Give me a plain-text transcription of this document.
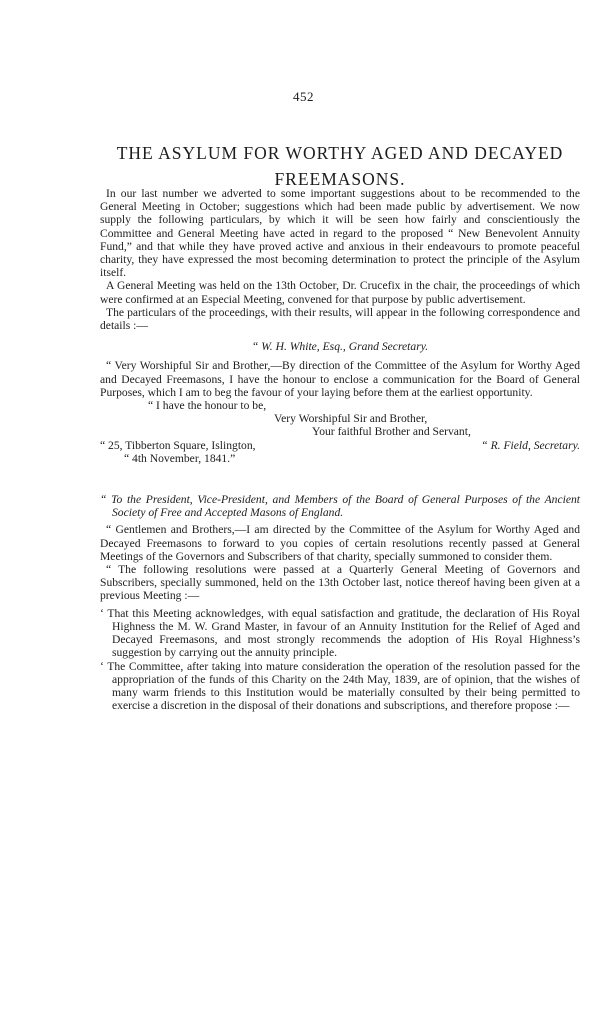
452
THE ASYLUM FOR WORTHY AGED AND DECAYED
FREEMASONS.

In our last number we adverted to some important suggestions about to be recommended to the General Meeting in October; suggestions which had been made public by advertisement. We now supply the following particulars, by which it will be seen how fairly and conscientiously the Committee and General Meeting have acted in regard to the proposed “ New Benevolent Annuity Fund,” and that while they have proved active and anxious in their endeavours to promote peaceful charity, they have expressed the most becoming determination to protect the principle of the Asylum itself.

A General Meeting was held on the 13th October, Dr. Crucefix in the chair, the proceedings of which were confirmed at an Especial Meeting, convened for that purpose by public advertisement.

The particulars of the proceedings, with their results, will appear in the following correspondence and details :—

“ W. H. White, Esq., Grand Secretary.

“ Very Worshipful Sir and Brother,—By direction of the Committee of the Asylum for Worthy Aged and Decayed Freemasons, I have the honour to enclose a communication for the Board of General Purposes, which I am to beg the favour of your laying before them at the earliest opportunity.

“ I have the honour to be,

Very Worshipful Sir and Brother,

Your faithful Brother and Servant,

“ 25, Tibberton Square, Islington,	“ R. Field, Secretary.

“ 4th November, 1841.”

“ To the President, Vice-President, and Members of the Board of General Purposes of the Ancient Society of Free and Accepted Masons of England.

“ Gentlemen and Brothers,—I am directed by the Committee of the Asylum for Worthy Aged and Decayed Freemasons to forward to you copies of certain resolutions recently passed at General Meetings of the Governors and Subscribers of that charity, specially summoned to consider them.

“ The following resolutions were passed at a Quarterly General Meeting of Governors and Subscribers, specially summoned, held on the 13th October last, notice thereof having been given at a previous Meeting :—

‘ That this Meeting acknowledges, with equal satisfaction and gratitude, the declaration of His Royal Highness the M. W. Grand Master, in favour of an Annuity Institution for the Relief of Aged and Decayed Freemasons, and most strongly recommends the adoption of His Royal Highness’s suggestion by carrying out the annuity principle.

‘ The Committee, after taking into mature consideration the operation of the resolution passed for the appropriation of the funds of this Charity on the 24th May, 1839, are of opinion, that the wishes of many warm friends to this Institution would be materially consulted by their being permitted to exercise a discretion in the disposal of their donations and subscriptions, and therefore propose :—
